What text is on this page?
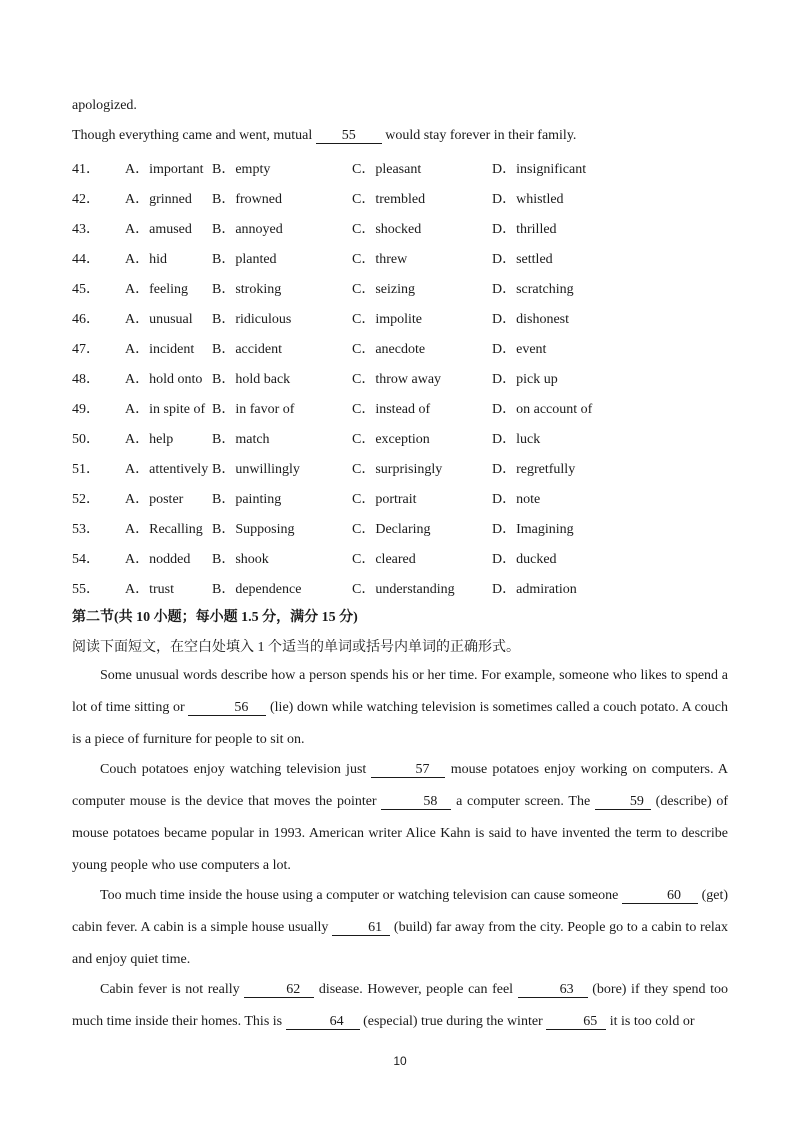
apologized.
Though everything came and went, mutual 55 would stay forever in their family.
41． A．important B．empty	C．pleasant	D．insignificant
42． A．grinned B．frowned	C．trembled	D．whistled
43． A．amused B．annoyed	C．shocked	D．thrilled
44． A．hid	B．planted	C．threw	D．settled
45． A．feeling B．stroking	C．seizing	D．scratching
46． A．unusual B．ridiculous	C．impolite	D．dishonest
47． A．incident B．accident	C．anecdote	D．event
48． A．hold onto B．hold back	C．throw away	D．pick up
49． A．in spite of B．in favor of	C．instead of	D．on account of
50． A．help	B．match	C．exception	D．luck
51． A．attentively B．unwillingly	C．surprisingly	D．regretfully
52． A．poster B．painting	C．portrait	D．note
53． A．Recalling B．Supposing	C．Declaring	D．Imagining
54． A．nodded B．shook	C．cleared	D．ducked
55． A．trust	B．dependence	C．understanding	D．admiration
第二节(共 10 小题；每小题 1.5 分，满分 15 分)
阅读下面短文，在空白处填入 1 个适当的单词或括号内单词的正确形式。

Some unusual words describe how a person spends his or her time. For example, someone who likes to spend a lot of time sitting or	56 (lie) down while watching television is sometimes called a couch potato. A couch is a piece of furniture for people to sit on.

Couch potatoes enjoy watching television just	57 mouse potatoes enjoy working on computers. A computer mouse is the device that moves the pointer	58 a computer screen. The	59 (describe) of mouse potatoes became popular in 1993. American writer Alice Kahn is said to have invented the term to describe young people who use computers a lot.

Too much time inside the house using a computer or watching television can cause someone	60 (get) cabin fever. A cabin is a simple house usually	61 (build) far away from the city. People go to a cabin to relax and enjoy quiet time.

Cabin fever is not really	62 disease. However, people can feel	63 (bore) if they spend too much time inside their homes. This is	64 (especial) true during the winter	65 it is too cold or

10
